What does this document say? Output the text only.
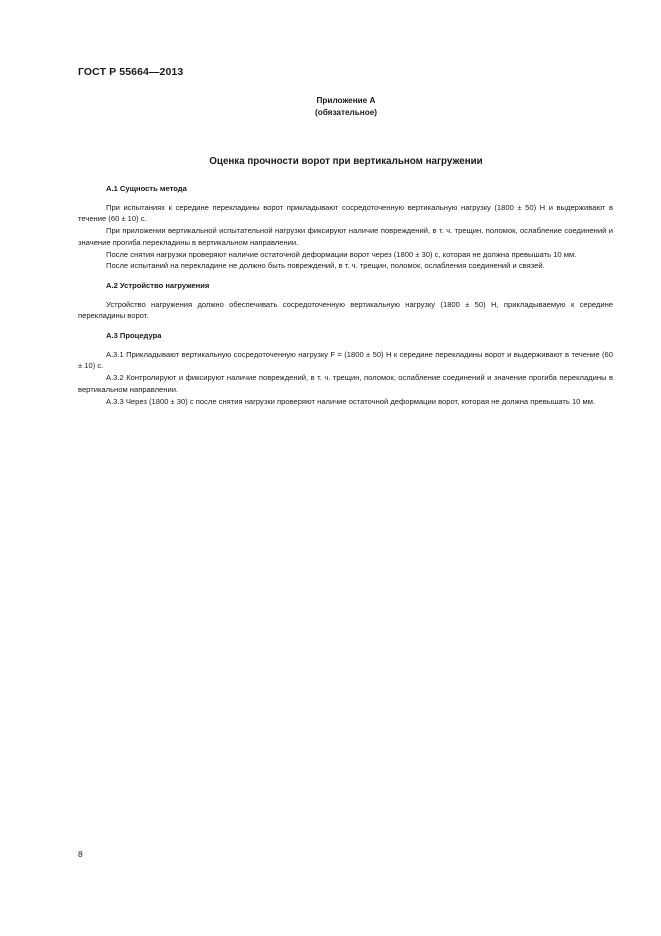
ГОСТ Р 55664—2013
Приложение А
(обязательное)
Оценка прочности ворот при вертикальном нагружении

А.1 Сущность метода

При испытаниях к середине перекладины ворот прикладывают сосредоточенную вертикальную нагрузку (1800 ± 50) Н и выдерживают в течение (60 ± 10) с.

При приложении вертикальной испытательной нагрузки фиксируют наличие повреждений, в т. ч. трещин, поломок, ослабление соединений и значение прогиба перекладины в вертикальном направлении.

После снятия нагрузки проверяют наличие остаточной деформации ворот через (1800 ± 30) с, которая не должна превышать 10 мм.

После испытаний на перекладине не должно быть повреждений, в т. ч. трещин, поломок, ослабления соединений и связей.

А.2 Устройство нагружения

Устройство нагружения должно обеспечивать сосредоточенную вертикальную нагрузку (1800 ± 50) Н, прикладываемую к середине перекладины ворот.

А.3 Процедура

А.3.1 Прикладывают вертикальную сосредоточенную нагрузку F = (1800 ± 50) Н к середине перекладины ворот и выдерживают в течение (60 ± 10) с.

А.3.2 Контролируют и фиксируют наличие повреждений, в т. ч. трещин, поломок, ослабление соединений и значение прогиба перекладины в вертикальном направлении.

А.3.3 Через (1800 ± 30) с после снятия нагрузки проверяют наличие остаточной деформации ворот, которая не должна превышать 10 мм.

8
